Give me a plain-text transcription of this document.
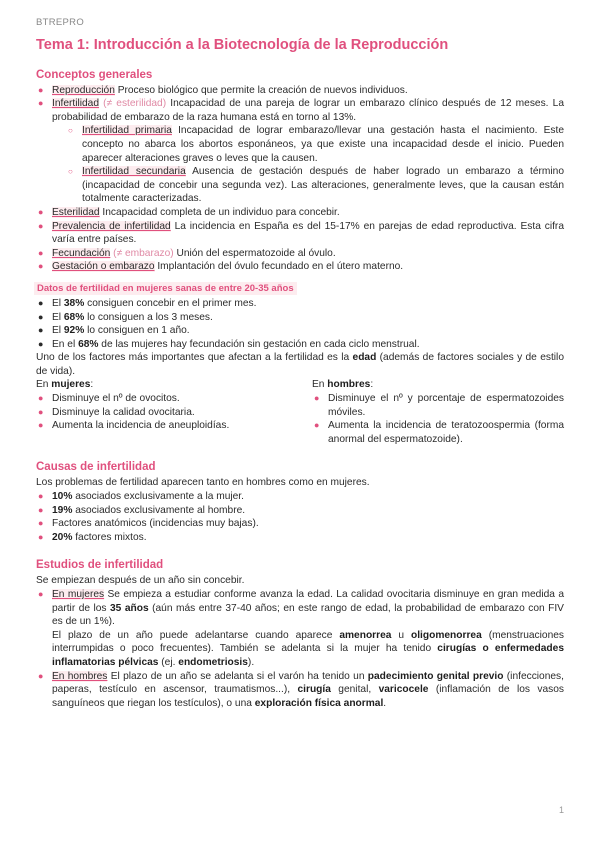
BTREPRO
Tema 1: Introducción a la Biotecnología de la Reproducción
Conceptos generales
● Reproducción Proceso biológico que permite la creación de nuevos individuos.
● Infertilidad (≠ esterilidad) Incapacidad de una pareja de lograr un embarazo clínico después de 12 meses. La probabilidad de embarazo de la raza humana está en torno al 13%.
○ Infertilidad primaria Incapacidad de lograr embarazo/llevar una gestación hasta el nacimiento. Este concepto no abarca los abortos esponáneos, ya que existe una incapacidad desde el inicio. Pueden aparecer alteraciones graves o leves que la causen.
○ Infertilidad secundaria Ausencia de gestación después de haber logrado un embarazo a término (incapacidad de concebir una segunda vez). Las alteraciones, generalmente leves, que la causan están totalmente caracterizadas.
● Esterilidad Incapacidad completa de un individuo para concebir.
● Prevalencia de infertilidad La incidencia en España es del 15-17% en parejas de edad reproductiva. Esta cifra varía entre países.
● Fecundación (≠ embarazo) Unión del espermatozoide al óvulo.
● Gestación o embarazo Implantación del óvulo fecundado en el útero materno.
Datos de fertilidad en mujeres sanas de entre 20-35 años
● El 38% consiguen concebir en el primer mes.
● El 68% lo consiguen a los 3 meses.
● El 92% lo consiguen en 1 año.
● En el 68% de las mujeres hay fecundación sin gestación en cada ciclo menstrual.

Uno de los factores más importantes que afectan a la fertilidad es la edad (además de factores sociales y de estilo de vida).

En mujeres:

● Disminuye el nº de ovocitos.
● Disminuye la calidad ovocitaria.
● Aumenta la incidencia de aneuploidías.

En hombres:

● Disminuye el nº y porcentaje de espermatozoides móviles.
● Aumenta la incidencia de teratozoospermia (forma anormal del espermatozoide).
Causas de infertilidad

Los problemas de fertilidad aparecen tanto en hombres como en mujeres.

● 10% asociados exclusivamente a la mujer.
● 19% asociados exclusivamente al hombre.
● Factores anatómicos (incidencias muy bajas).
● 20% factores mixtos.
Estudios de infertilidad

Se empiezan después de un año sin concebir.

● En mujeres Se empieza a estudiar conforme avanza la edad. La calidad ovocitaria disminuye en gran medida a partir de los 35 años (aún más entre 37-40 años; en este rango de edad, la probabilidad de embarazo con FIV es de un 1%).
El plazo de un año puede adelantarse cuando aparece amenorrea u oligomenorrea (menstruaciones interrumpidas o poco frecuentes). También se adelanta si la mujer ha tenido cirugías o enfermedades inflamatorias pélvicas (ej. endometriosis).
● En hombres El plazo de un año se adelanta si el varón ha tenido un padecimiento genital previo (infecciones, paperas, testículo en ascensor, traumatismos...), cirugía genital, varicocele (inflamación de los vasos sanguíneos que riegan los testículos), o una exploración física anormal.
1
